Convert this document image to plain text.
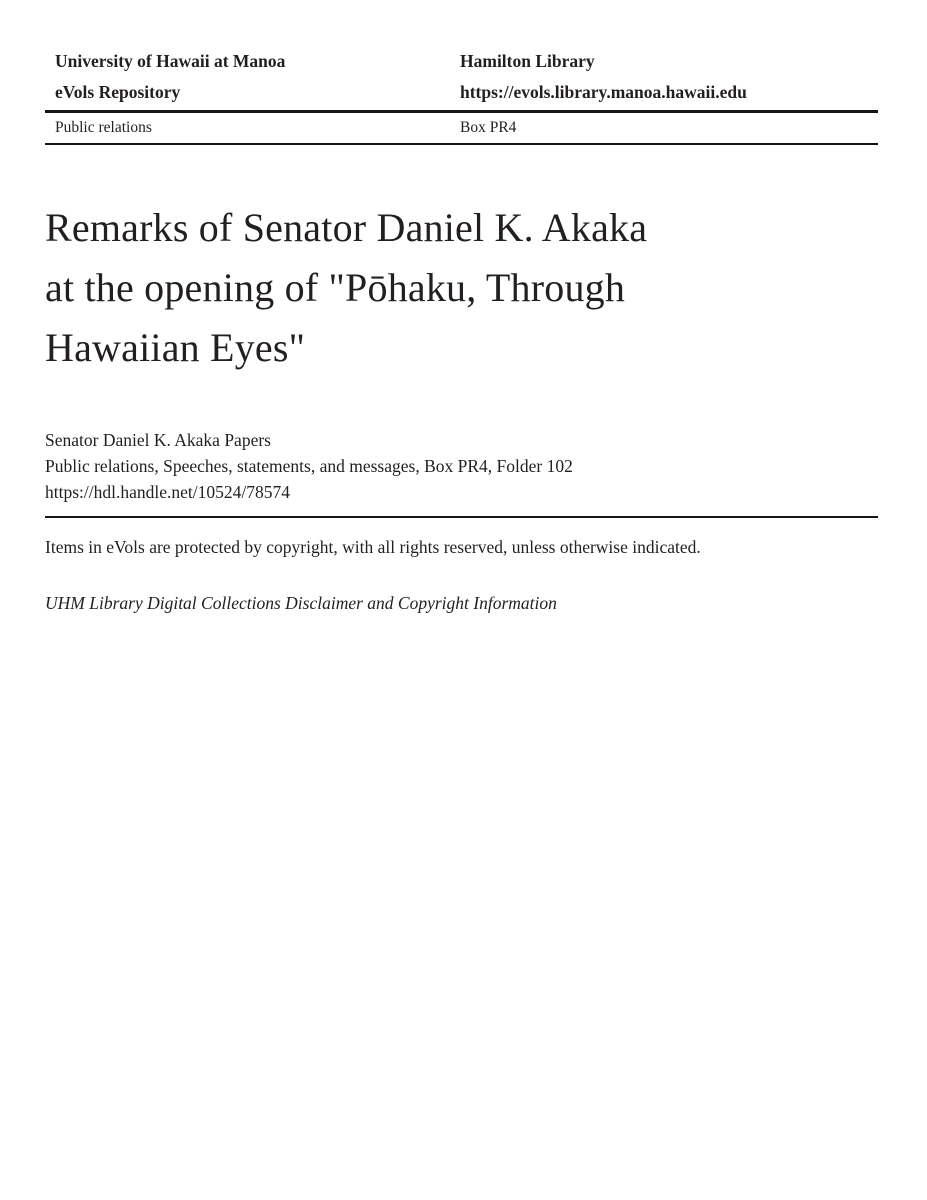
University of Hawaii at Manoa	Hamilton Library
eVols Repository	https://evols.library.manoa.hawaii.edu
Public relations	Box PR4
Remarks of Senator Daniel K. Akaka
at the opening of "Pōhaku, Through
Hawaiian Eyes"
Senator Daniel K. Akaka Papers
Public relations, Speeches, statements, and messages, Box PR4, Folder 102
https://hdl.handle.net/10524/78574

Items in eVols are protected by copyright, with all rights reserved, unless otherwise indicated.

UHM Library Digital Collections Disclaimer and Copyright Information
